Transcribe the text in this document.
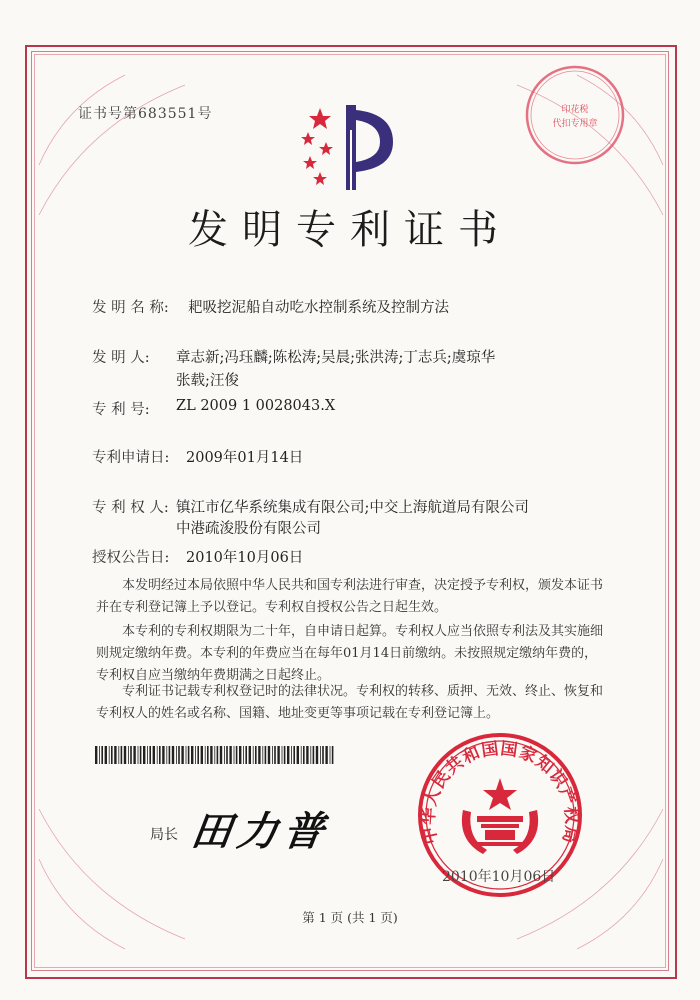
证书号第683551号	印花税
代扣专用章
发明专利证书
发 明 名 称: 耙吸挖泥船自动吃水控制系统及控制方法
发 明 人: 章志新;冯珏麟;陈松涛;吴晨;张洪涛;丁志兵;虞琼华
张载;汪俊
专 利 号: ZL 2009 1 0028043.X
专利申请日: 2009年01月14日
专 利 权 人: 镇江市亿华系统集成有限公司;中交上海航道局有限公司
中港疏浚股份有限公司
授权公告日: 2010年10月06日
本发明经过本局依照中华人民共和国专利法进行审查，决定授予专利权，颁发本证书并在专利登记簿上予以登记。专利权自授权公告之日起生效。
本专利的专利权期限为二十年，自申请日起算。专利权人应当依照专利法及其实施细则规定缴纳年费。本专利的年费应当在每年01月14日前缴纳。未按照规定缴纳年费的，专利权自应当缴纳年费期满之日起终止。
专利证书记载专利权登记时的法律状况。专利权的转移、质押、无效、终止、恢复和专利权人的姓名或名称、国籍、地址变更等事项记载在专利登记簿上。
局长 田力普	中华人民共和国国家知识产权局
2010年10月06日
第 1 页 (共 1 页)
